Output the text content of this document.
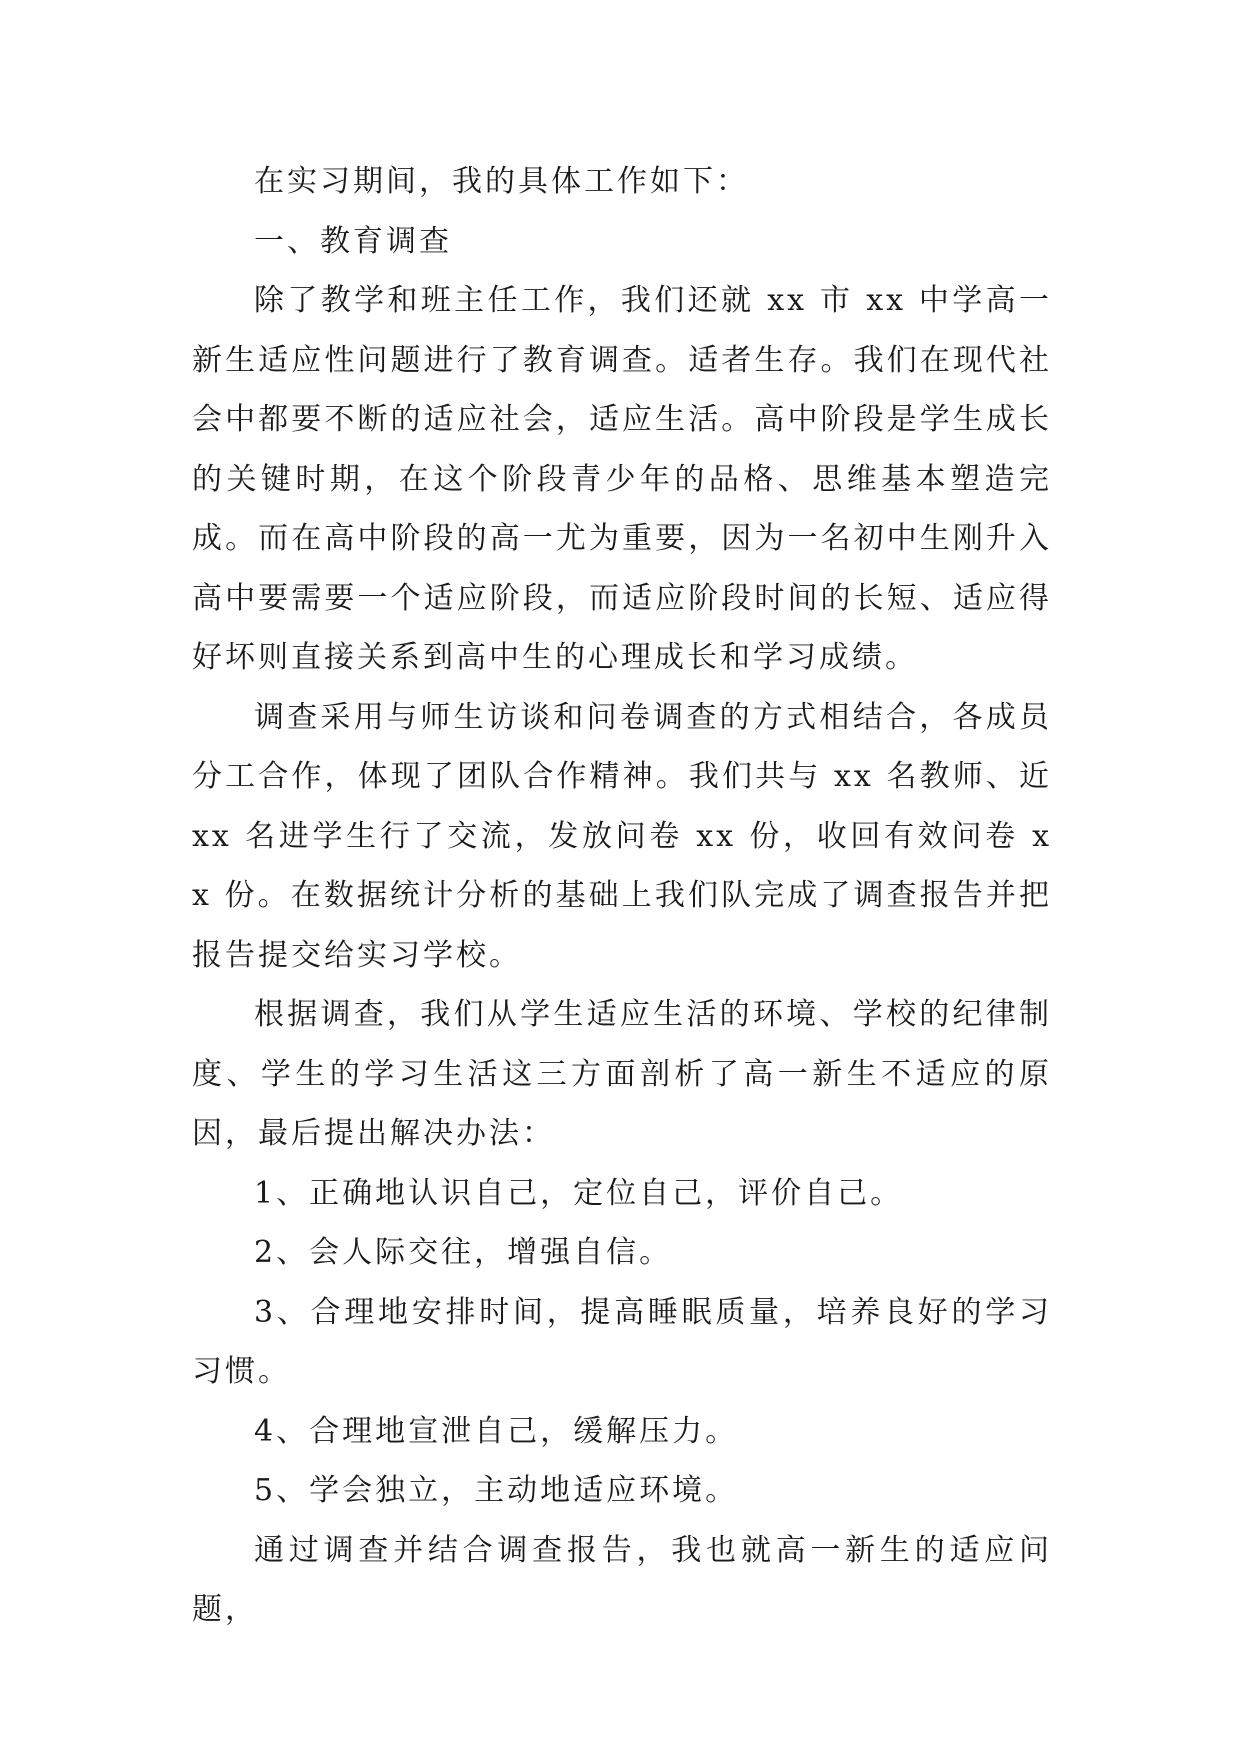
在实习期间，我的具体工作如下：

一、教育调查

除了教学和班主任工作，我们还就 xx 市 xx 中学高一新生适应性问题进行了教育调查。适者生存。我们在现代社会中都要不断的适应社会，适应生活。高中阶段是学生成长的关键时期，在这个阶段青少年的品格、思维基本塑造完成。而在高中阶段的高一尤为重要，因为一名初中生刚升入高中要需要一个适应阶段，而适应阶段时间的长短、适应得好坏则直接关系到高中生的心理成长和学习成绩。

调查采用与师生访谈和问卷调查的方式相结合，各成员分工合作，体现了团队合作精神。我们共与 xx 名教师、近 xx 名进学生行了交流，发放问卷 xx 份，收回有效问卷 xx 份。在数据统计分析的基础上我们队完成了调查报告并把报告提交给实习学校。

根据调查，我们从学生适应生活的环境、学校的纪律制度、学生的学习生活这三方面剖析了高一新生不适应的原因，最后提出解决办法：

1、正确地认识自己，定位自己，评价自己。

2、会人际交往，增强自信。

3、合理地安排时间，提高睡眠质量，培养良好的学习习惯。

4、合理地宣泄自己，缓解压力。

5、学会独立，主动地适应环境。

通过调查并结合调查报告，我也就高一新生的适应问题，
